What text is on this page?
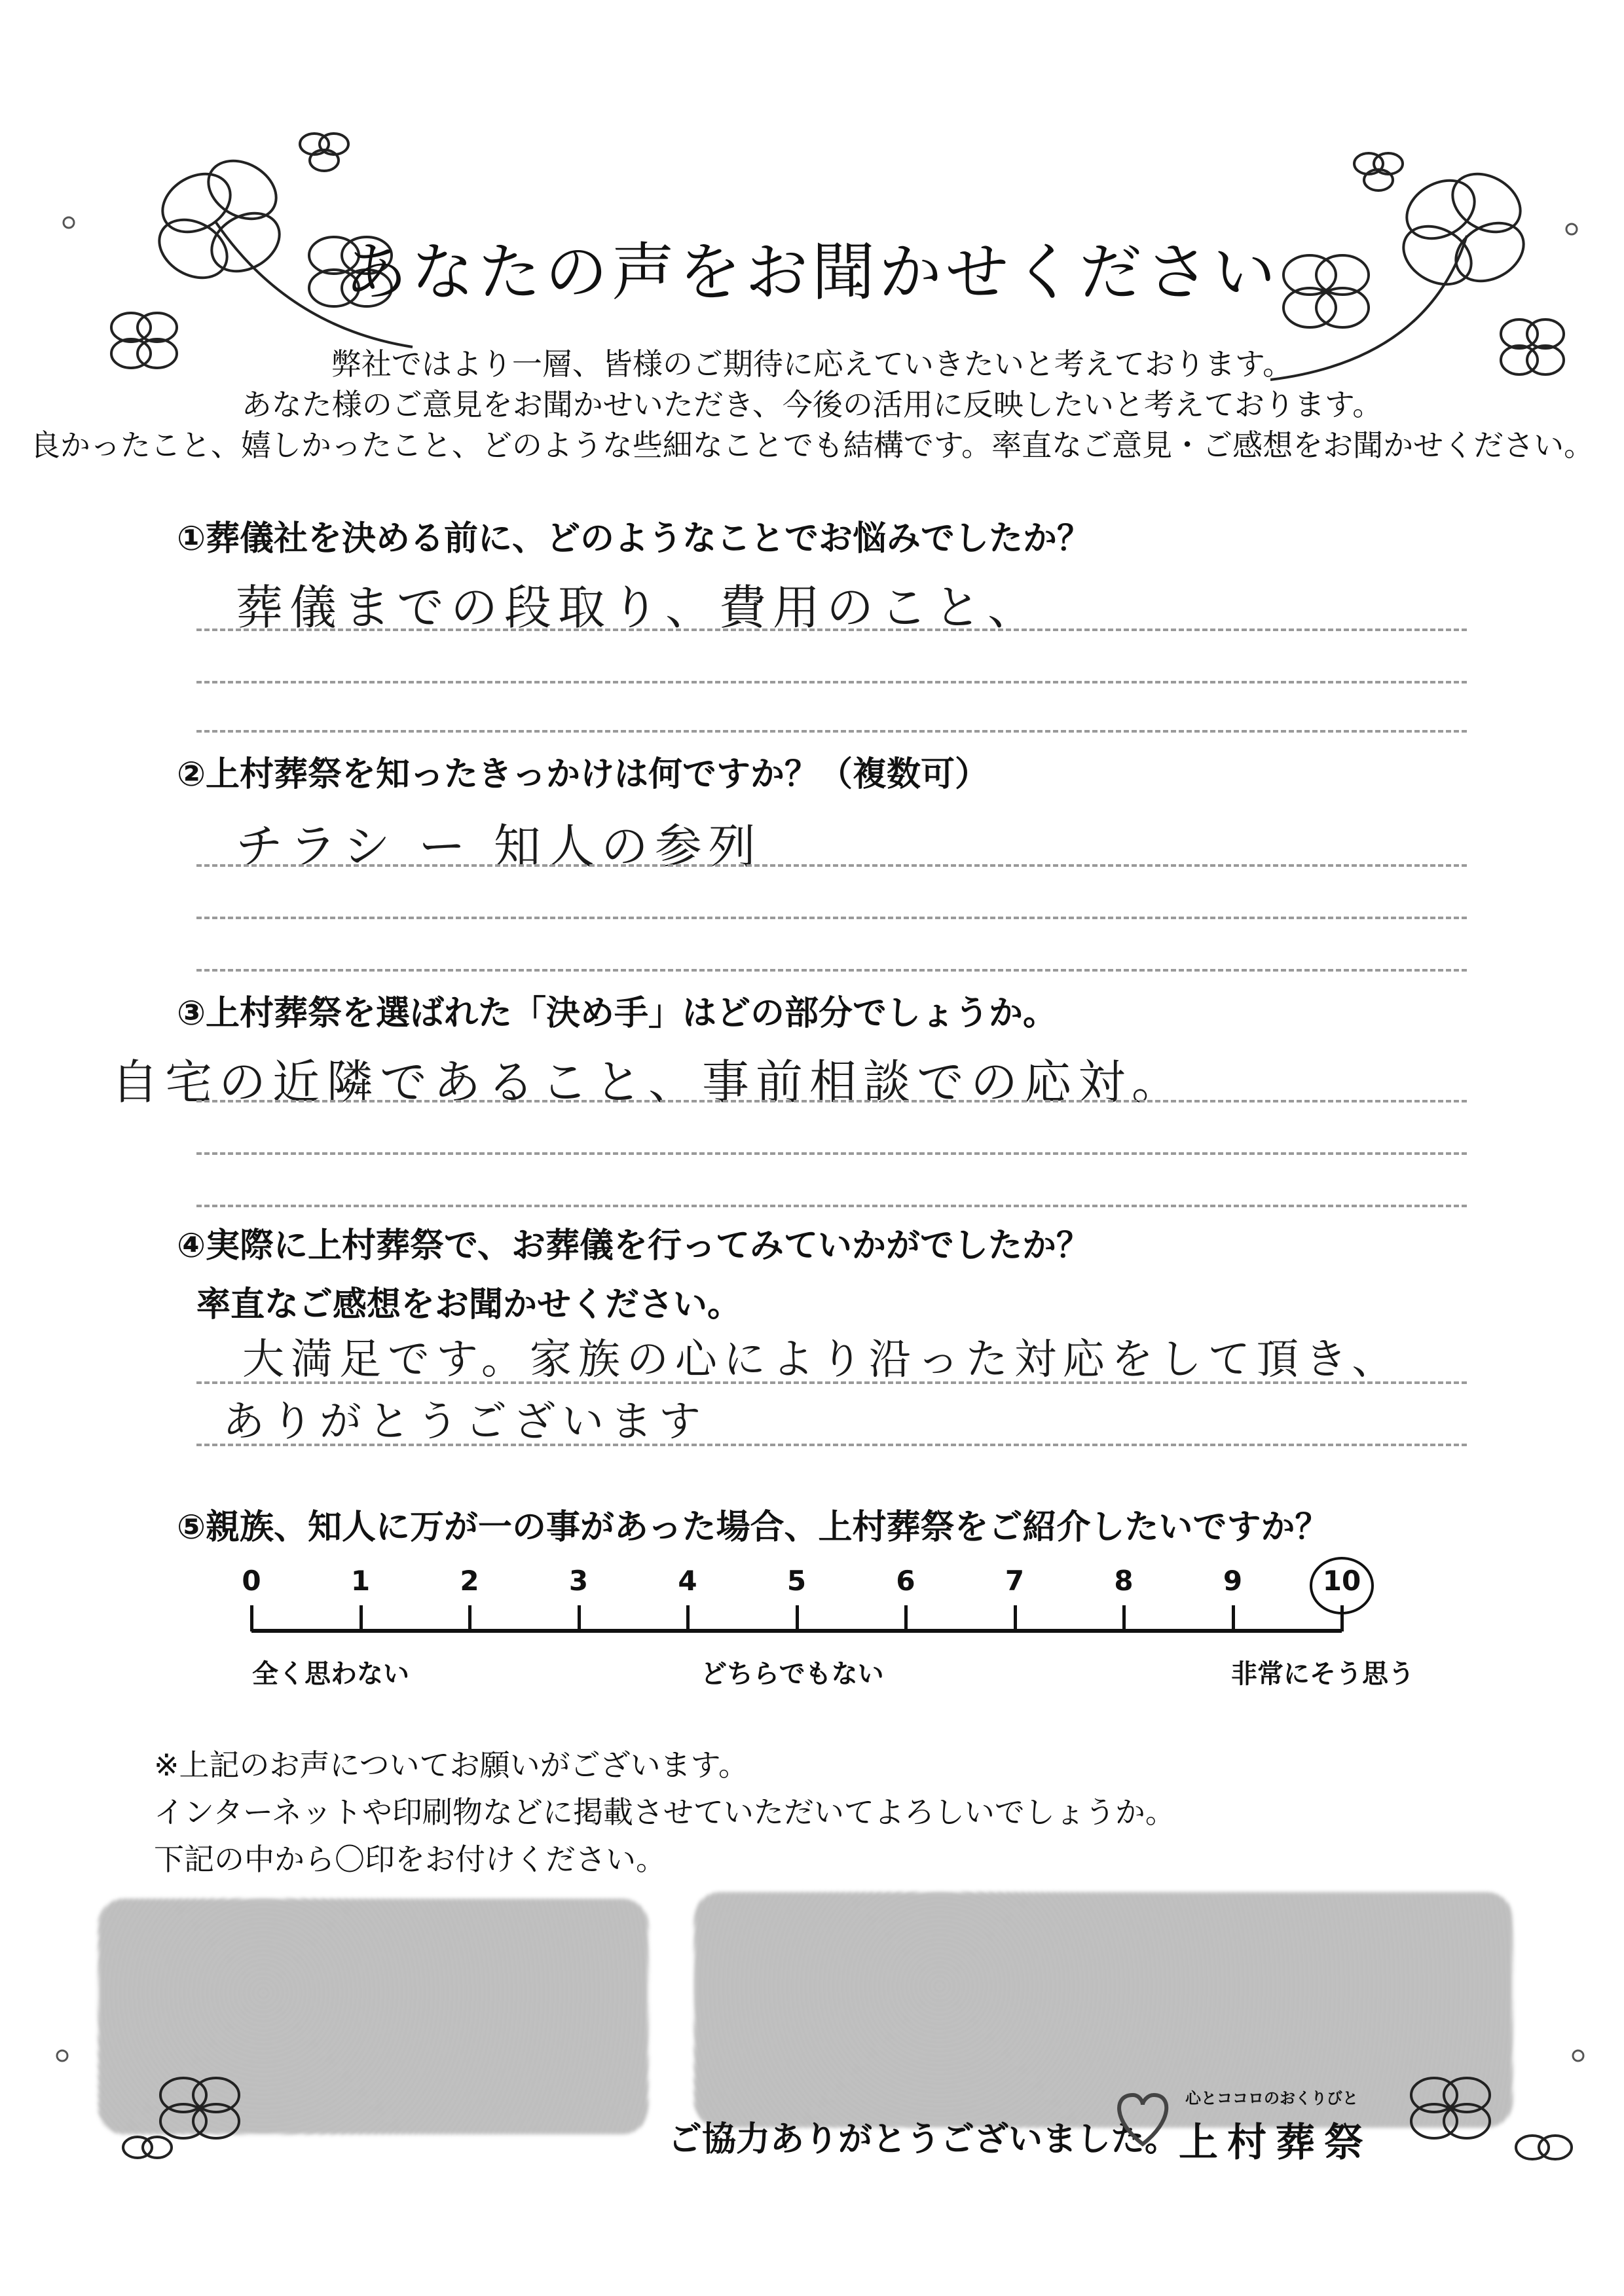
あなたの声をお聞かせください
弊社ではより一層、皆様のご期待に応えていきたいと考えております。
あなた様のご意見をお聞かせいただき、今後の活用に反映したいと考えております。
良かったこと、嬉しかったこと、どのような些細なことでも結構です。率直なご意見・ご感想をお聞かせください。
①葬儀社を決める前に、どのようなことでお悩みでしたか？
葬儀までの段取り、費用のこと、
②上村葬祭を知ったきっかけは何ですか？（複数可）
チラシ ー 知人の参列
③上村葬祭を選ばれた「決め手」はどの部分でしょうか。
自宅の近隣であること、事前相談での応対。
④実際に上村葬祭で、お葬儀を行ってみていかがでしたか？
率直なご感想をお聞かせください。
大満足です。家族の心により沿った対応をして頂き、
ありがとうございます
⑤親族、知人に万が一の事があった場合、上村葬祭をご紹介したいですか？
0	1	2	3	4	5	6	7	8	9	10
全く思わない	どちらでもない	非常にそう思う
※上記のお声についてお願いがございます。
インターネットや印刷物などに掲載させていただいてよろしいでしょうか。
下記の中から〇印をお付けください。
ご協力ありがとうございました。
心とココロのおくりびと
上村葬祭
